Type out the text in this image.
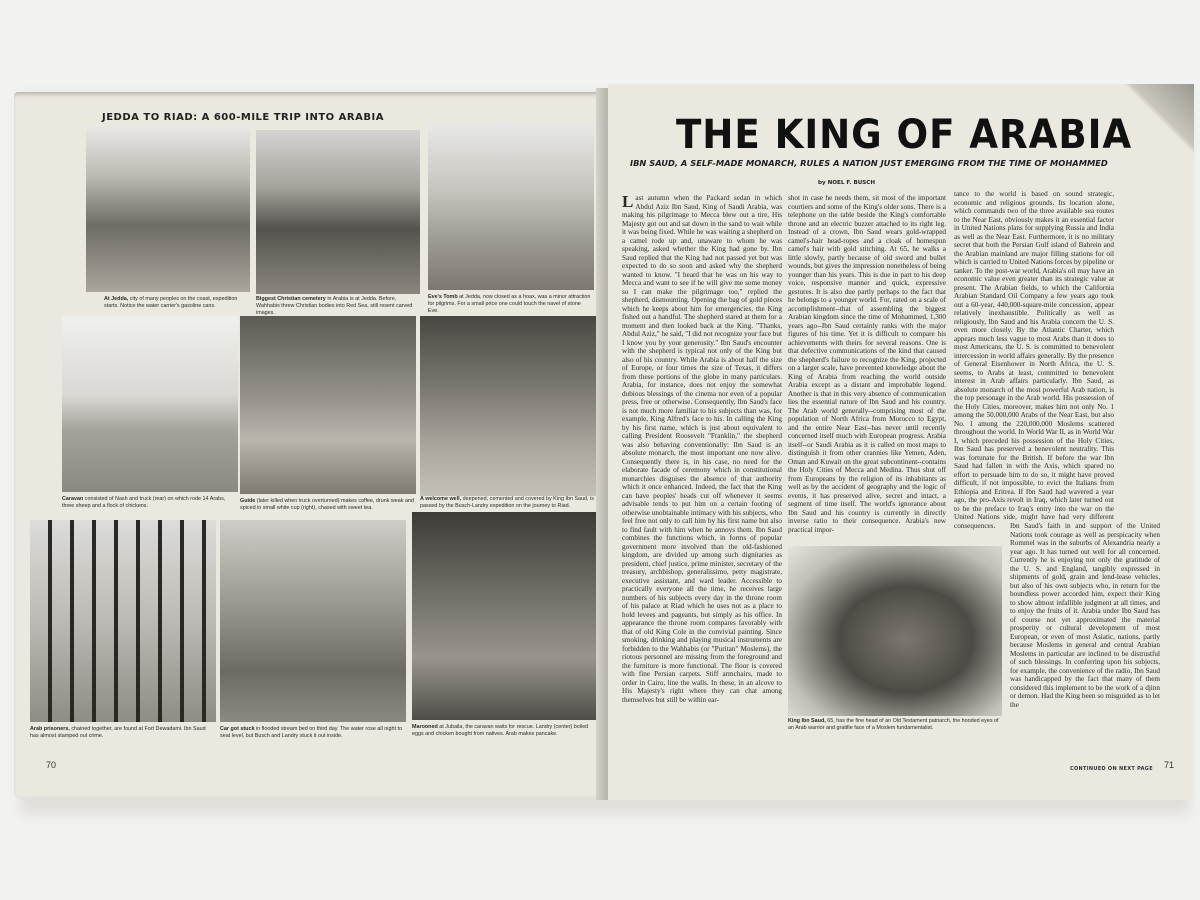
JEDDA TO RIAD: A 600-MILE TRIP INTO ARABIA
At Jedda, city of many peoples on the coast, expedition starts. Notice the water carrier's gasoline cans.
Biggest Christian cemetery in Arabia is at Jedda. Before, Wahhabis threw Christian bodies into Red Sea, still resent carved images.
Eve's Tomb at Jedda, now closed as a hoax, was a minor attraction for pilgrims. For a small price one could touch the navel of stone Eve.
Caravan consisted of Nash and truck (rear) on which rode 14 Arabs, three sheep and a flock of chickens.
Guide (later killed when truck overturned) makes coffee, drunk weak and spiced in small white cup (right), chased with sweet tea.
A welcome well, deepened, cemented and covered by King Ibn Saud, is passed by the Busch-Landry expedition on the journey to Riad.
Arab prisoners, chained together, are found at Fort Dewadami. Ibn Saud has almost stamped out crime.
Car got stuck in flooded stream bed on third day. The water rose all night to seat level, but Busch and Landry stuck it out inside.
Marooned at Jubaila, the caravan waits for rescue. Landry (center) boiled eggs and chicken bought from natives. Arab makes pancake.
70
THE KING OF ARABIA
IBN SAUD, A SELF-MADE MONARCH, RULES A NATION JUST EMERGING FROM THE TIME OF MOHAMMED
by NOEL F. BUSCH

Last autumn when the Packard sedan in which Abdul Aziz Ibn Saud, King of Saudi Arabia, was making his pilgrimage to Mecca blew out a tire, His Majesty got out and sat down in the sand to wait while it was being fixed. While he was waiting a shepherd on a camel rode up and, unaware to whom he was speaking, asked whether the King had gone by. Ibn Saud replied that the King had not passed yet but was expected to do so soon and asked why the shepherd wanted to know. "I heard that he was on his way to Mecca and want to see if he will give me some money so I can make the pilgrimage too," replied the shepherd, dismounting. Opening the bag of gold pieces which he keeps about him for emergencies, the King fished out a handful. The shepherd stared at them for a moment and then looked back at the King. "Thanks, Abdul Aziz," he said, "I did not recognize your face but I know you by your generosity." Ibn Saud's encounter with the shepherd is typical not only of the King but also of his country. While Arabia is about half the size of Europe, or four times the size of Texas, it differs from these portions of the globe in many particulars. Arabia, for instance, does not enjoy the somewhat dubious blessings of the cinema nor even of a popular press, free or otherwise. Consequently, Ibn Saud's face is not much more familiar to his subjects than was, for example, King Alfred's face to his. In calling the King by his first name, which is just about equivalent to calling President Roosevelt "Franklin," the shepherd was also behaving conventionally: Ibn Saud is an absolute monarch, the most important one now alive. Consequently there is, in his case, no need for the elaborate facade of ceremony which in constitutional monarchies disguises the absence of that authority which it once enhanced. Indeed, the fact that the King can have peoples' heads cut off whenever it seems advisable tends to put him on a certain footing of otherwise unobtainable intimacy with his subjects, who feel free not only to call him by his first name but also to find fault with him when he annoys them. Ibn Saud combines the functions which, in forms of popular government more involved than the old-fashioned kingdom, are divided up among such dignitaries as president, chief justice, prime minister, secretary of the treasury, archbishop, generalissimo, petty magistrate, executive assistant, and ward leader. Accessible to practically everyone all the time, he receives large numbers of his subjects every day in the throne room of his palace at Riad which he uses not as a place to hold levees and pageants, but simply as his office. In appearance the throne room compares favorably with that of old King Cole in the convivial painting. Since smoking, drinking and playing musical instruments are forbidden to the Wahhabis (or "Puritan" Moslems), the riotous personnel are missing from the foreground and the furniture is more functional. The floor is covered with fine Persian carpets. Stiff armchairs, made to order in Cairo, line the walls. In these, in an alcove to His Majesty's right where they can chat among themselves but still be within ear-

shot in case he needs them, sit most of the important courtiers and some of the King's older sons. There is a telephone on the table beside the King's comfortable throne and an electric buzzer attached to its right leg. Instead of a crown, Ibn Saud wears gold-wrapped camel's-hair head-ropes and a cloak of homespun camel's hair with gold stitching. At 65, he walks a little slowly, partly because of old sword and bullet wounds, but gives the impression nonetheless of being younger than his years. This is due in part to his deep voice, responsive manner and quick, expressive gestures. It is also due partly perhaps to the fact that he belongs to a younger world. For, rated on a scale of accomplishment--that of assembling the biggest Arabian kingdom since the time of Mohammed, 1,300 years ago--Ibn Saud certainly ranks with the major figures of his time. Yet it is difficult to compare his achievements with theirs for several reasons. One is that defective communications of the kind that caused the shepherd's failure to recognize the King, projected on a larger scale, have prevented knowledge about the King of Arabia from reaching the world outside Arabia except as a distant and improbable legend. Another is that in this very absence of communication lies the essential nature of Ibn Saud and his country. The Arab world generally--comprising most of the population of North Africa from Morocco to Egypt, and the entire Near East--has never until recently concerned itself much with European progress. Arabia itself--or Saudi Arabia as it is called on most maps to distinguish it from other crannies like Yemen, Aden, Oman and Kuwait on the great subcontinent--contains the Holy Cities of Mecca and Medina. Thus shut off from Europeans by the religion of its inhabitants as well as by the accident of geography and the logic of events, it has preserved alive, secret and intact, a segment of time itself. The world's ignorance about Ibn Saud and his country is currently in directly inverse ratio to their consequence. Arabia's new practical impor-

tance to the world is based on sound strategic, economic and religious grounds. Its location alone, which commands two of the three available sea routes to the Near East, obviously makes it an essential factor in United Nations plans for supplying Russia and India as well as the Near East. Furthermore, it is no military secret that both the Persian Gulf island of Bahrein and the Arabian mainland are major filling stations for oil which is carried to United Nations forces by pipeline or tanker. To the post-war world, Arabia's oil may have an economic value even greater than its strategic value at present. The Arabian fields, to which the California Arabian Standard Oil Company a few years ago took out a 60-year, 440,000-square-mile concession, appear relatively inexhaustible. Politically as well as religiously, Ibn Saud and his Arabia concern the U. S. even more closely. By the Atlantic Charter, which appears much less vague to most Arabs than it does to most Americans, the U. S. is committed to benevolent intercession in world affairs generally. By the presence of General Eisenhower in North Africa, the U. S. seems, to Arabs at least, committed to benevolent interest in Arab affairs particularly. Ibn Saud, as absolute monarch of the most powerful Arab nation, is the top personage in the Arab world. His possession of the Holy Cities, moreover, makes him not only No. 1 among the 50,000,000 Arabs of the Near East, but also No. 1 among the 220,000,000 Moslems scattered throughout the world. In World War II, as in World War I, which preceded his possession of the Holy Cities, Ibn Saud has preserved a benevolent neutrality. This was fortunate for the British. If before the war Ibn Saud had fallen in with the Axis, which spared no effort to persuade him to do so, it might have proved difficult, if not impossible, to evict the Italians from Ethiopia and Eritrea. If Ibn Saud had wavered a year ago, the pro-Axis revolt in Iraq, which later turned out to be the preface to Iraq's entry into the war on the United Nations side, might have had very different consequences.	Ibn Saud's faith in and support of the United Nations took courage as well as perspicacity when Rommel was in the suburbs of Alexandria nearly a year ago. It has turned out well for all concerned. Currently he is enjoying not only the gratitude of the U. S. and England, tangibly expressed in shipments of gold, grain and lend-lease vehicles, but also of his own subjects who, in return for the boundless power accorded him, expect their King to show almost infallible judgment at all times, and to enjoy the fruits of it. Arabia under Ibn Saud has of course not yet approximated the material prosperity or cultural development of most European, or even of most Asiatic, nations, partly because Moslems in general and central Arabian Moslems in particular are inclined to be distrustful of such blessings. In conferring upon his subjects, for example, the convenience of the radio, Ibn Saud was handicapped by the fact that many of them considered this implement to be the work of a djinn or demon. Had the King been so misguided as to let the

King Ibn Saud, 65, has the fine head of an Old Testament patriarch, the hooded eyes of an Arab warrior and gratifie face of a Moslem fundamentalist.
CONTINUED ON NEXT PAGE 71
